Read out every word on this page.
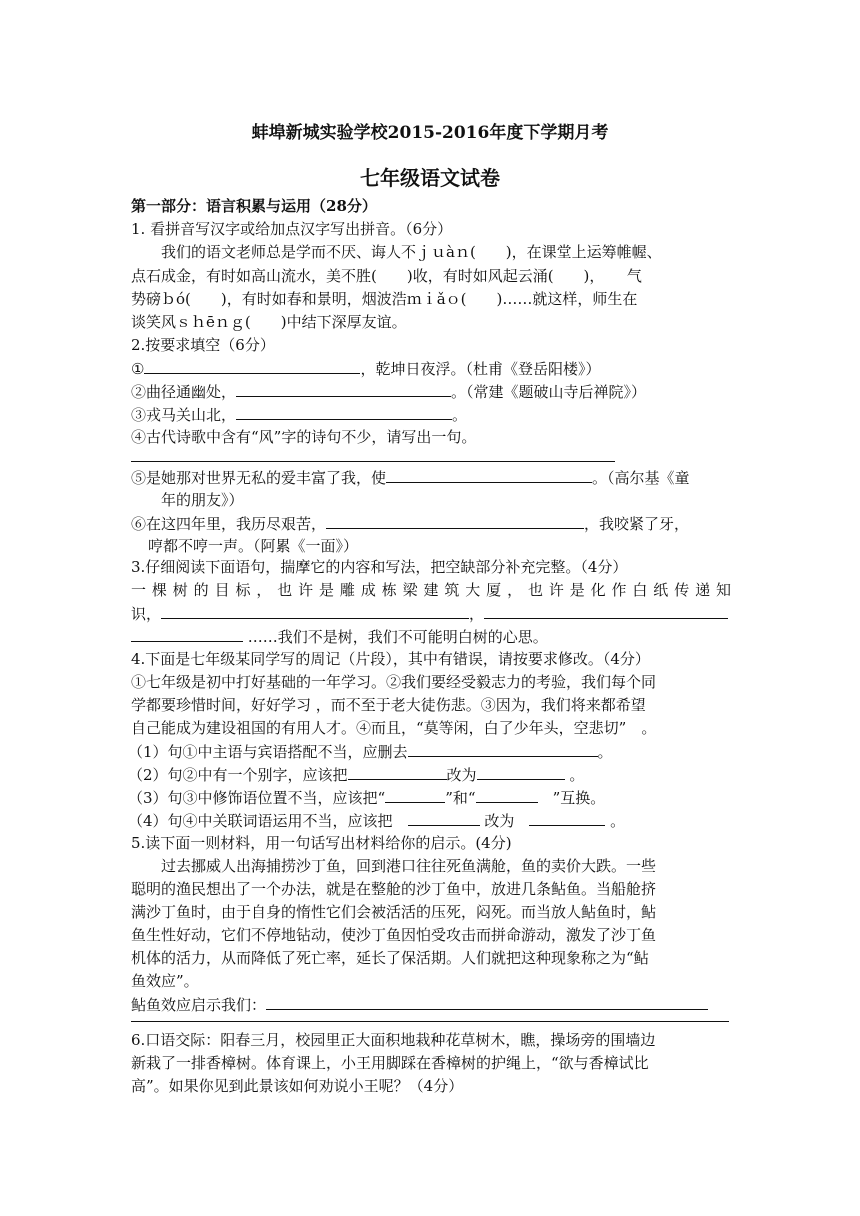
蚌埠新城实验学校2015-2016年度下学期月考
七年级语文试卷
第一部分：语言积累与运用（28分）
1. 看拼音写汉字或给加点汉字写出拼音。（6分）
我们的语文老师总是学而不厌、诲人不ｊｕàｎ(　　)，在课堂上运筹帷幄、
点石成金，有时如高山流水，美不胜(　　)收，有时如风起云涌(　　)，　　气
势磅ｂó(　　)，有时如春和景明，烟波浩ｍｉǎｏ(　　)……就这样，师生在
谈笑风ｓｈēｎｇ(　　)中结下深厚友谊。
2.按要求填空（6分）
①	，乾坤日夜浮。（杜甫《登岳阳楼》）
②曲径通幽处，	。（常建《题破山寺后禅院》）
③戎马关山北，	。
④古代诗歌中含有“风”字的诗句不少，请写出一句。
⑤是她那对世界无私的爱丰富了我，使	。（高尔基《童
年的朋友》）
⑥在这四年里，我历尽艰苦，	，我咬紧了牙，
哼都不哼一声。（阿累《一面》）
3.仔细阅读下面语句，揣摩它的内容和写法，把空缺部分补充完整。（4分）
一棵树的目标，也许是雕成栋梁建筑大厦，也许是化作白纸传递知
识，	，
……我们不是树，我们不可能明白树的心思。
4.下面是七年级某同学写的周记（片段），其中有错误，请按要求修改。（4分）
①七年级是初中打好基础的一年学习。②我们要经受毅志力的考验，我们每个同
学都要珍惜时间，好好学习 ，而不至于老大徒伤悲。③因为，我们将来都希望
自己能成为建设祖国的有用人才。④而且，“莫等闲，白了少年头，空悲切”　。
（1）句①中主语与宾语搭配不当，应删去	。
（2）句②中有一个别字，应该把	改为	。
（3）句③中修饰语位置不当，应该把“	”和“	　”互换。
（4）句④中关联词语运用不当，应该把　	改为　	。
5.读下面一则材料，用一句话写出材料给你的启示。(4分)
过去挪威人出海捕捞沙丁鱼，回到港口往往死鱼满舱，鱼的卖价大跌。一些
聪明的渔民想出了一个办法，就是在整舱的沙丁鱼中，放进几条鲇鱼。当船舱挤
满沙丁鱼时，由于自身的惰性它们会被活活的压死，闷死。而当放人鲇鱼时，鲇
鱼生性好动，它们不停地钻动，使沙丁鱼因怕受攻击而拼命游动，激发了沙丁鱼
机体的活力，从而降低了死亡率，延长了保活期。人们就把这种现象称之为“鲇
鱼效应”。
鲇鱼效应启示我们：
6.口语交际：阳春三月，校园里正大面积地栽种花草树木，瞧，操场旁的围墙边
新栽了一排香樟树。体育课上，小王用脚踩在香樟树的护绳上，“欲与香樟试比
高”。如果你见到此景该如何劝说小王呢？（4分）
